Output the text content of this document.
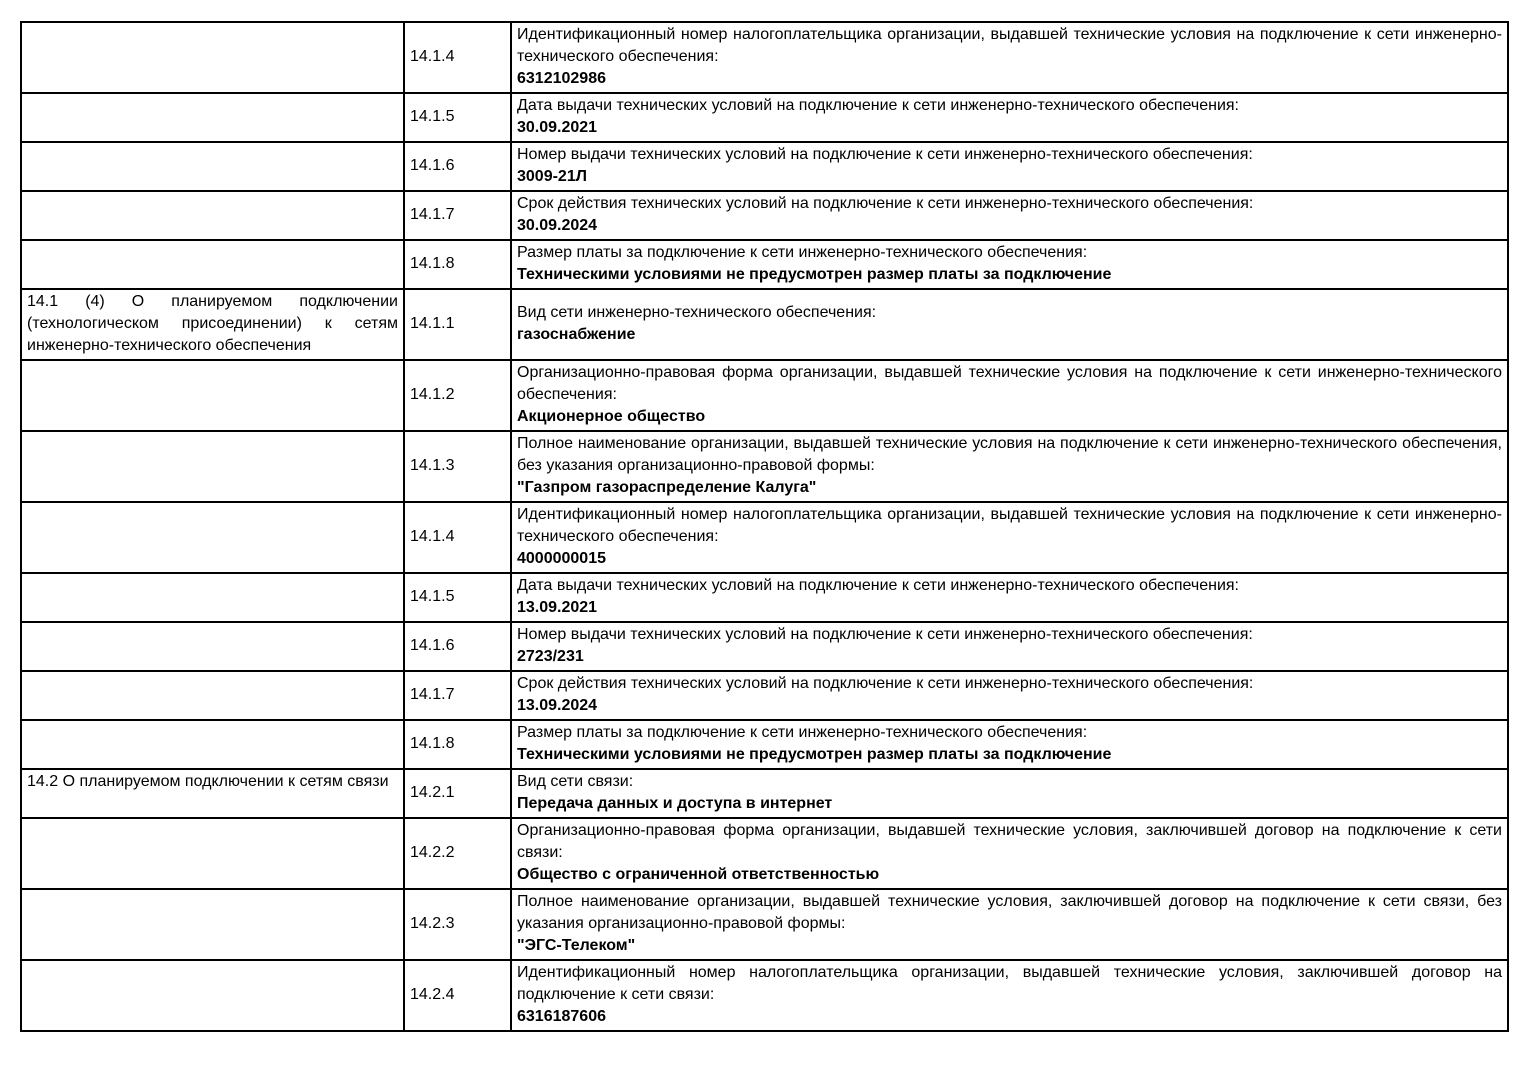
	14.1.4	Идентификационный номер налогоплательщика организации, выдавшей технические условия на подключение к сети инженерно-технического обеспечения:
6312102986

	14.1.5	Дата выдачи технических условий на подключение к сети инженерно-технического обеспечения:
30.09.2021

	14.1.6	Номер выдачи технических условий на подключение к сети инженерно-технического обеспечения:
3009-21Л

	14.1.7	Срок действия технических условий на подключение к сети инженерно-технического обеспечения:
30.09.2024

	14.1.8	Размер платы за подключение к сети инженерно-технического обеспечения:
Техническими условиями не предусмотрен размер платы за подключение

14.1 (4) О планируемом подключении (технологическом присоединении) к сетям инженерно-технического обеспечения	14.1.1	Вид сети инженерно-технического обеспечения:
газоснабжение

	14.1.2	Организационно-правовая форма организации, выдавшей технические условия на подключение к сети инженерно-технического обеспечения:
Акционерное общество

	14.1.3	Полное наименование организации, выдавшей технические условия на подключение к сети инженерно-технического обеспечения, без указания организационно-правовой формы:
"Газпром газораспределение Калуга"

	14.1.4	Идентификационный номер налогоплательщика организации, выдавшей технические условия на подключение к сети инженерно-технического обеспечения:
4000000015

	14.1.5	Дата выдачи технических условий на подключение к сети инженерно-технического обеспечения:
13.09.2021

	14.1.6	Номер выдачи технических условий на подключение к сети инженерно-технического обеспечения:
2723/231

	14.1.7	Срок действия технических условий на подключение к сети инженерно-технического обеспечения:
13.09.2024

	14.1.8	Размер платы за подключение к сети инженерно-технического обеспечения:
Техническими условиями не предусмотрен размер платы за подключение

14.2 О планируемом подключении к сетям связи	14.2.1	Вид сети связи:
Передача данных и доступа в интернет

	14.2.2	Организационно-правовая форма организации, выдавшей технические условия, заключившей договор на подключение к сети связи:
Общество с ограниченной ответственностью

	14.2.3	Полное наименование организации, выдавшей технические условия, заключившей договор на подключение к сети связи, без указания организационно-правовой формы:
"ЭГС-Телеком"

	14.2.4	Идентификационный номер налогоплательщика организации, выдавшей технические условия, заключившей договор на подключение к сети связи:
6316187606
